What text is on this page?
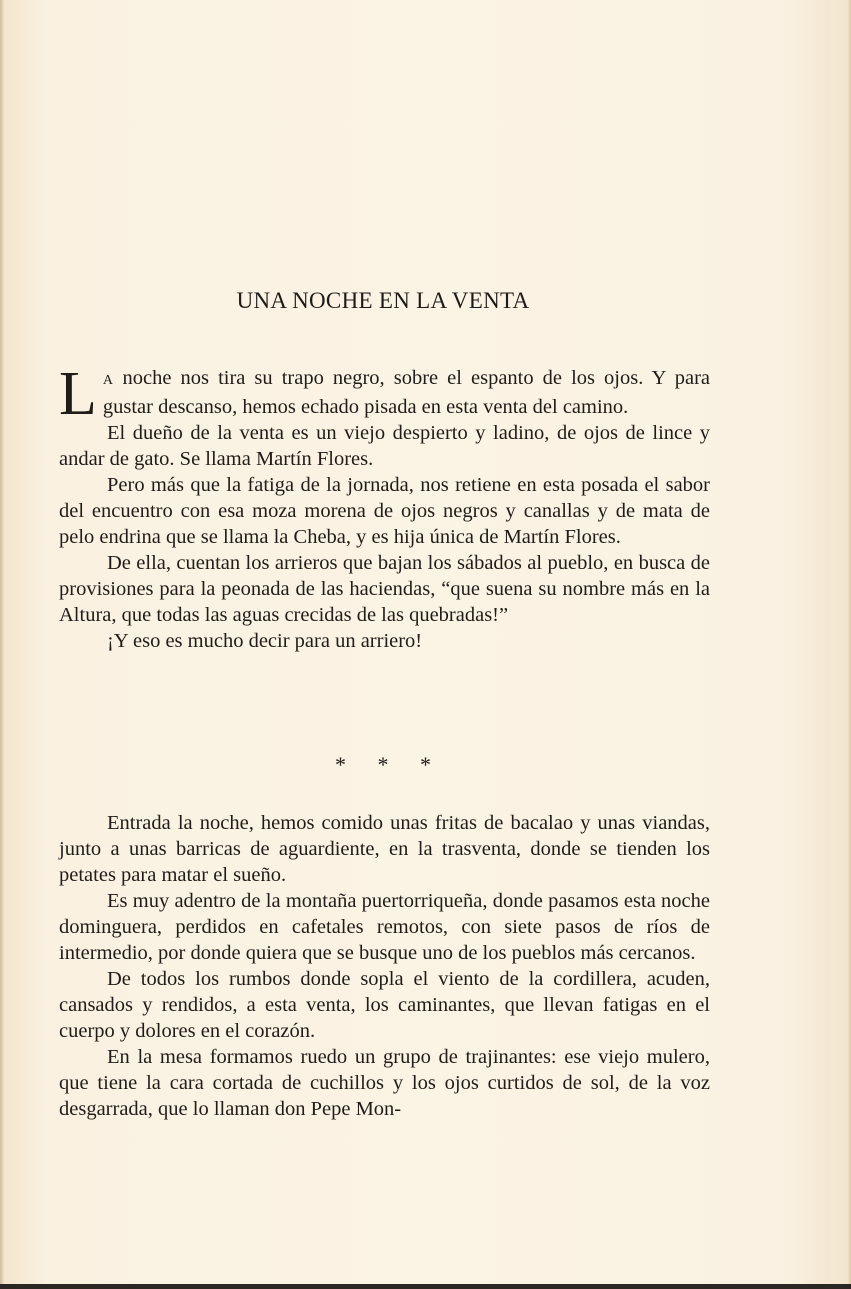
UNA NOCHE EN LA VENTA

L A noche nos tira su trapo negro, sobre el espanto de los ojos. Y para gustar descanso, hemos echado pisada en esta venta del camino.

El dueño de la venta es un viejo despierto y ladino, de ojos de lince y andar de gato. Se llama Martín Flores.

Pero más que la fatiga de la jornada, nos retiene en esta posada el sabor del encuentro con esa moza morena de ojos negros y canallas y de mata de pelo endrina que se llama la Cheba, y es hija única de Martín Flores.

De ella, cuentan los arrieros que bajan los sábados al pueblo, en busca de provisiones para la peonada de las haciendas, “que suena su nombre más en la Altura, que todas las aguas crecidas de las quebradas!”

¡Y eso es mucho decir para un arriero!

* * *

Entrada la noche, hemos comido unas fritas de bacalao y unas viandas, junto a unas barricas de aguardiente, en la trasventa, donde se tienden los petates para matar el sueño.

Es muy adentro de la montaña puertorriqueña, donde pasamos esta noche dominguera, perdidos en cafetales remotos, con siete pasos de ríos de intermedio, por donde quiera que se busque uno de los pueblos más cercanos.

De todos los rumbos donde sopla el viento de la cordillera, acuden, cansados y rendidos, a esta venta, los caminantes, que llevan fatigas en el cuerpo y dolores en el corazón.

En la mesa formamos ruedo un grupo de trajinantes: ese viejo mulero, que tiene la cara cortada de cuchillos y los ojos curtidos de sol, de la voz desgarrada, que lo llaman don Pepe Mon-
